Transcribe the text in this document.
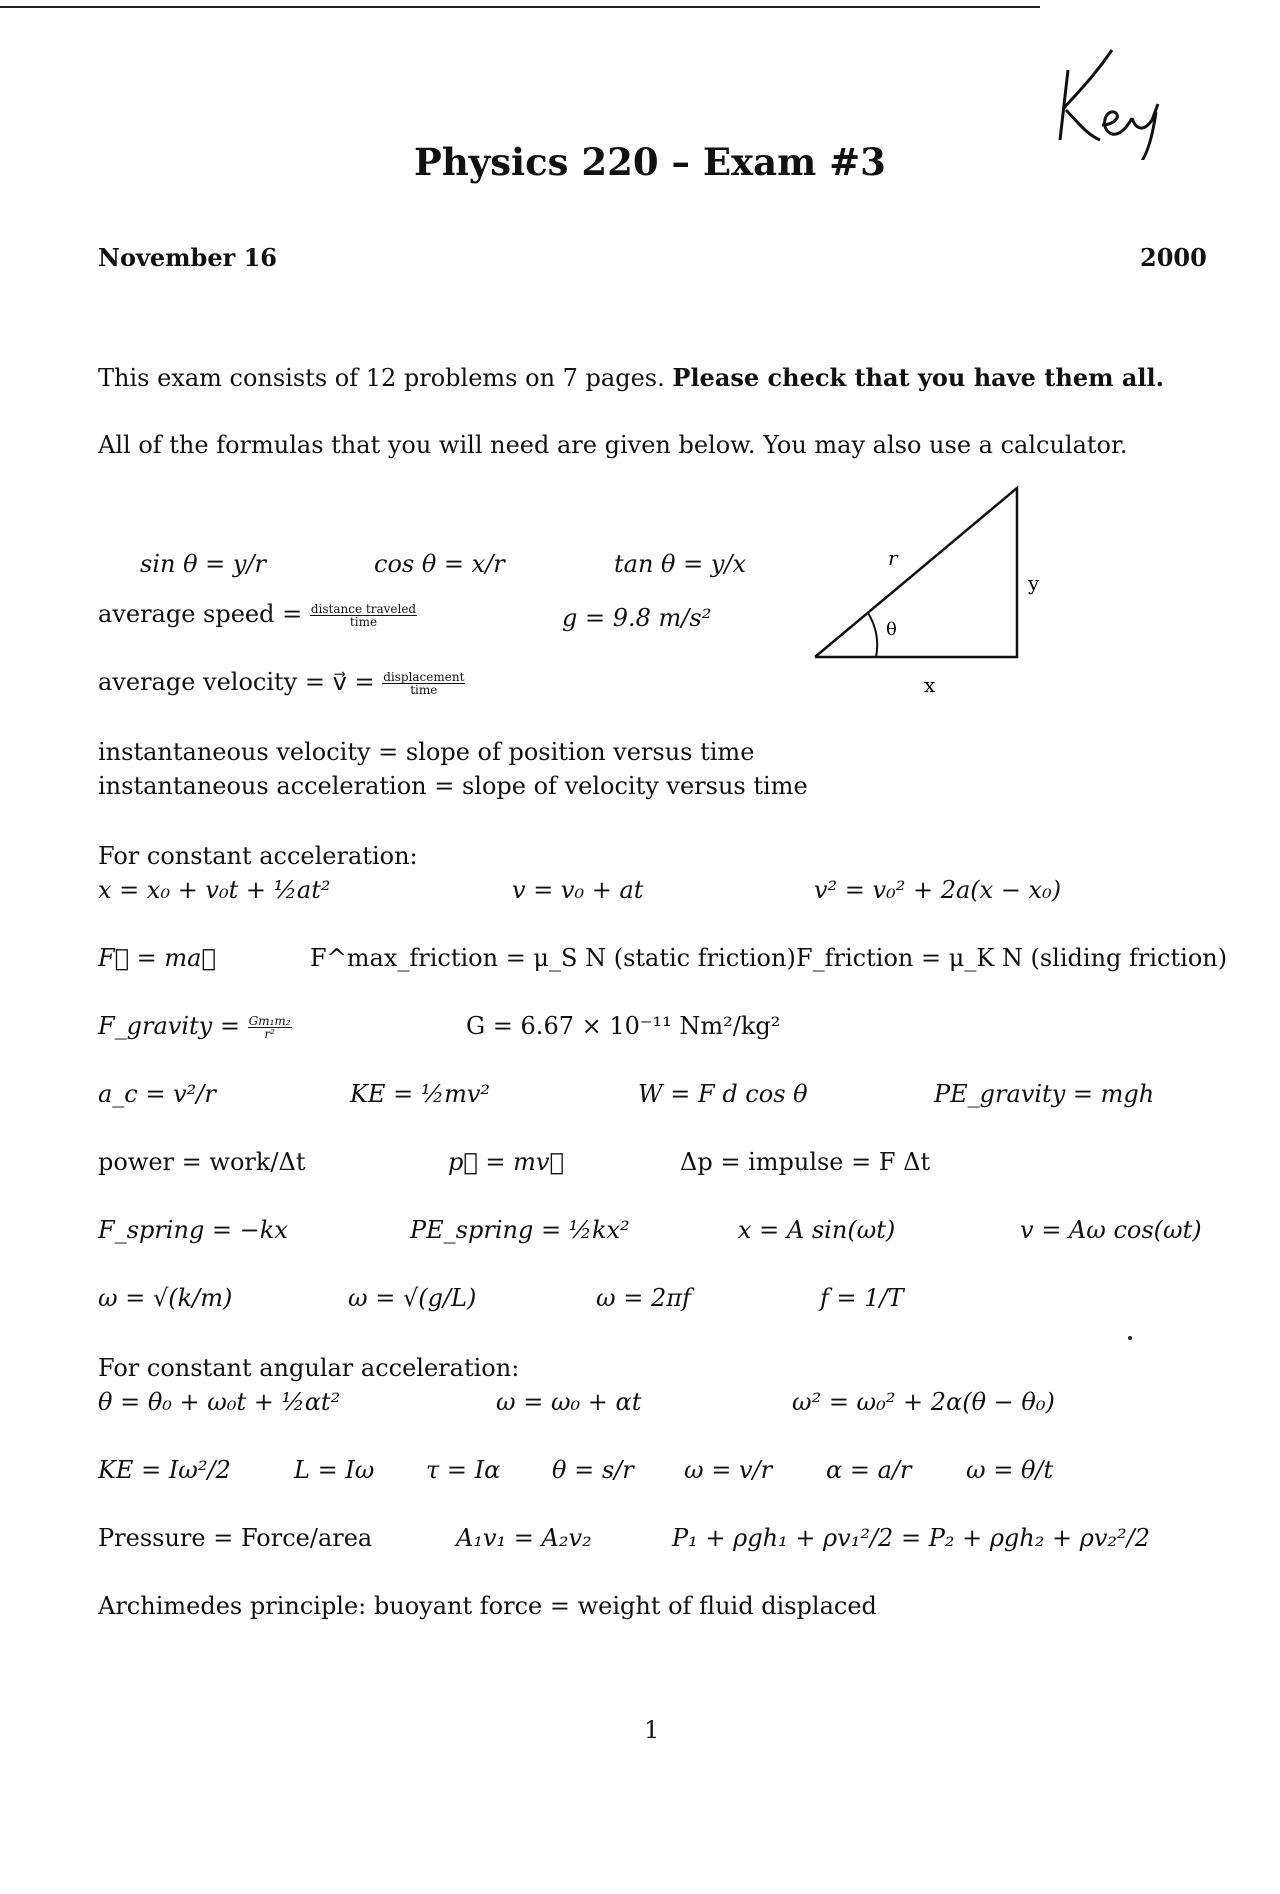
Physics 220 – Exam #3
November 16	2000
This exam consists of 12 problems on 7 pages. Please check that you have them all.
All of the formulas that you will need are given below. You may also use a calculator.
r
y
θ
x
sin θ = y/r	cos θ = x/r	tan θ = y/x
average speed = $\frac{\text{distance traveled}}{\text{time}}$	g = 9.8 m/s²
average velocity = v⃗ = $\frac{\text{displacement}}{\text{time}}$
instantaneous velocity = slope of position versus time
instantaneous acceleration = slope of velocity versus time
For constant acceleration:
x = x₀ + v₀t + ½at²	v = v₀ + at	v² = v₀² + 2a(x − x₀)
F⃗ = ma⃗	F^max_friction = μ_S N (static friction) F_friction = μ_K N (sliding friction)
F_gravity = $\frac{\text{Gm₁m₂}}{\text{r²}}$	G = 6.67 × 10⁻¹¹ Nm²/kg²
a_c = v²/r	KE = ½mv²	W = F d cos θ	PE_gravity = mgh
power = work/Δt	p⃗ = mv⃗	Δp = impulse = F Δt
F_spring = −kx	PE_spring = ½kx²	x = A sin(ωt)	v = Aω cos(ωt)
ω = √(k/m)	ω = √(g/L)	ω = 2πf	f = 1/T
For constant angular acceleration:
θ = θ₀ + ω₀t + ½αt²	ω = ω₀ + αt	ω² = ω₀² + 2α(θ − θ₀)
KE = Iω²/2	L = Iω τ = Iα θ = s/r ω = v/r α = a/r ω = θ/t
Pressure = Force/area	A₁v₁ = A₂v₂	P₁ + ρgh₁ + ρv₁²/2 = P₂ + ρgh₂ + ρv₂²/2
Archimedes principle: buoyant force = weight of fluid displaced
1
